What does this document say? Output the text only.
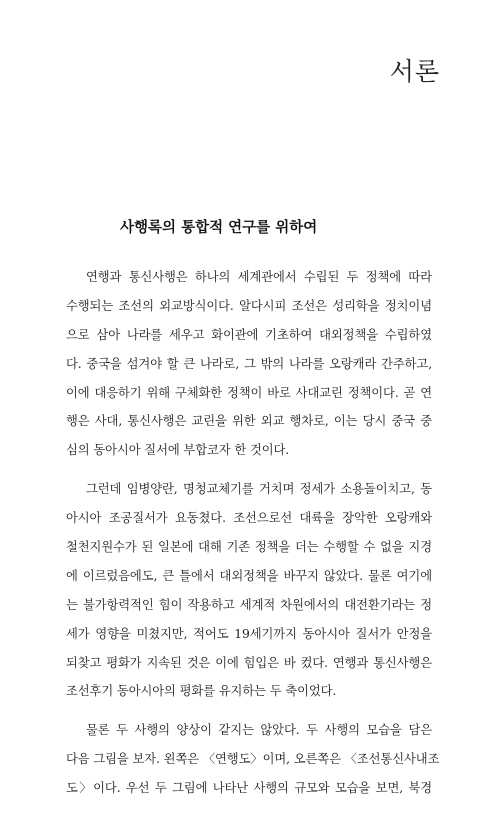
서론
사행록의 통합적 연구를 위하여
연행과 통신사행은 하나의 세계관에서 수립된 두 정책에 따라
수행되는 조선의 외교방식이다. 알다시피 조선은 성리학을 정치이념
으로 삼아 나라를 세우고 화이관에 기초하여 대외정책을 수립하였
다. 중국을 섬겨야 할 큰 나라로, 그 밖의 나라를 오랑캐라 간주하고,
이에 대응하기 위해 구체화한 정책이 바로 사대교린 정책이다. 곧 연
행은 사대, 통신사행은 교린을 위한 외교 행차로, 이는 당시 중국 중
심의 동아시아 질서에 부합코자 한 것이다.
그런데 임병양란, 명청교체기를 거치며 정세가 소용돌이치고, 동
아시아 조공질서가 요동쳤다. 조선으로선 대륙을 장악한 오랑캐와
철천지원수가 된 일본에 대해 기존 정책을 더는 수행할 수 없을 지경
에 이르렀음에도, 큰 틀에서 대외정책을 바꾸지 않았다. 물론 여기에
는 불가항력적인 힘이 작용하고 세계적 차원에서의 대전환기라는 정
세가 영향을 미쳤지만, 적어도 19세기까지 동아시아 질서가 안정을
되찾고 평화가 지속된 것은 이에 힘입은 바 컸다. 연행과 통신사행은
조선후기 동아시아의 평화를 유지하는 두 축이었다.
물론 두 사행의 양상이 같지는 않았다. 두 사행의 모습을 담은
다음 그림을 보자. 왼쪽은 〈연행도〉이며, 오른쪽은 〈조선통신사내조
도〉이다. 우선 두 그림에 나타난 사행의 규모와 모습을 보면, 북경
